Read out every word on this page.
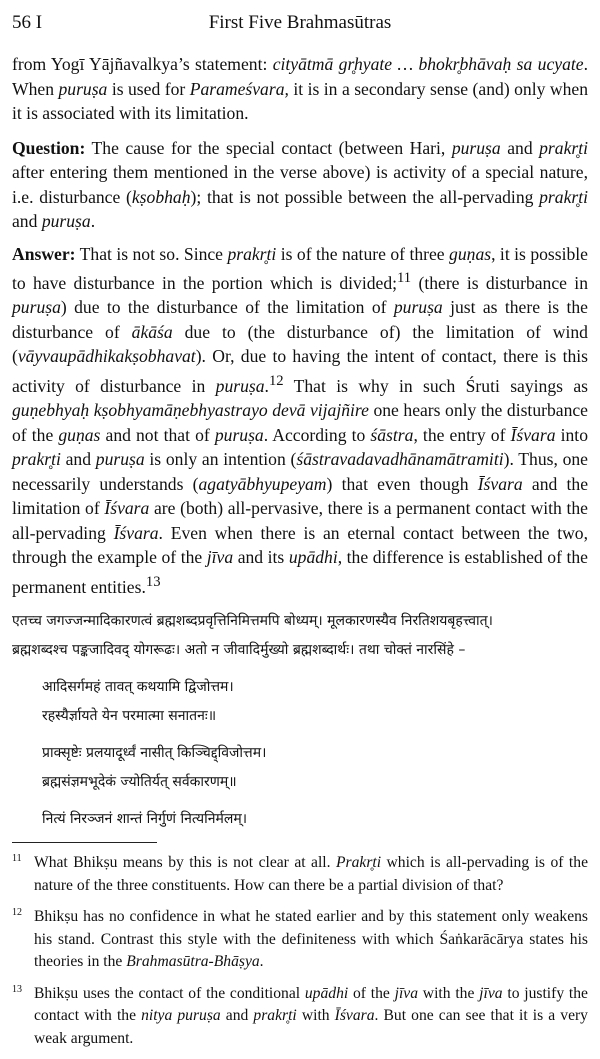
56 I	First Five Brahmasūtras

from Yogī Yājñavalkya’s statement: cityātmā gr̥hyate … bhokr̥bhāvaḥ sa ucyate. When puruṣa is used for Parameśvara, it is in a secondary sense (and) only when it is associated with its limitation.

Question: The cause for the special contact (between Hari, puruṣa and prakr̥ti after entering them mentioned in the verse above) is activity of a special nature, i.e. disturbance (kṣobhaḥ); that is not possible between the all-pervading prakr̥ti and puruṣa.

Answer: That is not so. Since prakr̥ti is of the nature of three guṇas, it is possible to have disturbance in the portion which is divided;$^{11}$ (there is disturbance in puruṣa) due to the disturbance of the limitation of puruṣa just as there is the disturbance of ākāśa due to (the disturbance of) the limitation of wind (vāyvaupādhikakṣobhavat). Or, due to having the intent of contact, there is this activity of disturbance in puruṣa.$^{12}$ That is why in such Śruti sayings as guṇebhyaḥ kṣobhyamāṇebhyastrayo devā vijajñire one hears only the disturbance of the guṇas and not that of puruṣa. According to śāstra, the entry of Īśvara into prakr̥ti and puruṣa is only an intention (śāstravadavadhānamātramiti). Thus, one necessarily understands (agatyābhyupeyam) that even though Īśvara and the limitation of Īśvara are (both) all-pervasive, there is a permanent contact with the all-pervading Īśvara. Even when there is an eternal contact between the two, through the example of the jīva and its upādhi, the difference is established of the permanent entities.$^{13}$

एतच्च जगज्जन्मादिकारणत्वं ब्रह्मशब्दप्रवृत्तिनिमित्तमपि बोध्यम्। मूलकारणस्यैव निरतिशयबृहत्त्वात्।
ब्रह्मशब्दश्च पङ्कजादिवद् योगरूढः। अतो न जीवादिर्मुख्यो ब्रह्मशब्दार्थः। तथा चोक्तं नारसिंहे –
आदिसर्गमहं तावत् कथयामि द्विजोत्तम।
रहस्यैर्ज्ञायते येन परमात्मा सनातनः॥
प्राक्सृष्टेः प्रलयादूर्ध्वं नासीत् किञ्चिद्द्विजोत्तम।
ब्रह्मसंज्ञमभूदेकं ज्योतिर्यत् सर्वकारणम्॥
नित्यं निरञ्जनं शान्तं निर्गुणं नित्यनिर्मलम्।
11 What Bhikṣu means by this is not clear at all. Prakr̥ti which is all-pervading is of the nature of the three constituents. How can there be a partial division of that?
12 Bhikṣu has no confidence in what he stated earlier and by this statement only weakens his stand. Contrast this style with the definiteness with which Śaṅkarācārya states his theories in the Brahmasūtra-Bhāṣya.
13 Bhikṣu uses the contact of the conditional upādhi of the jīva with the jīva to justify the contact with the nitya puruṣa and prakr̥ti with Īśvara. But one can see that it is a very weak argument.
